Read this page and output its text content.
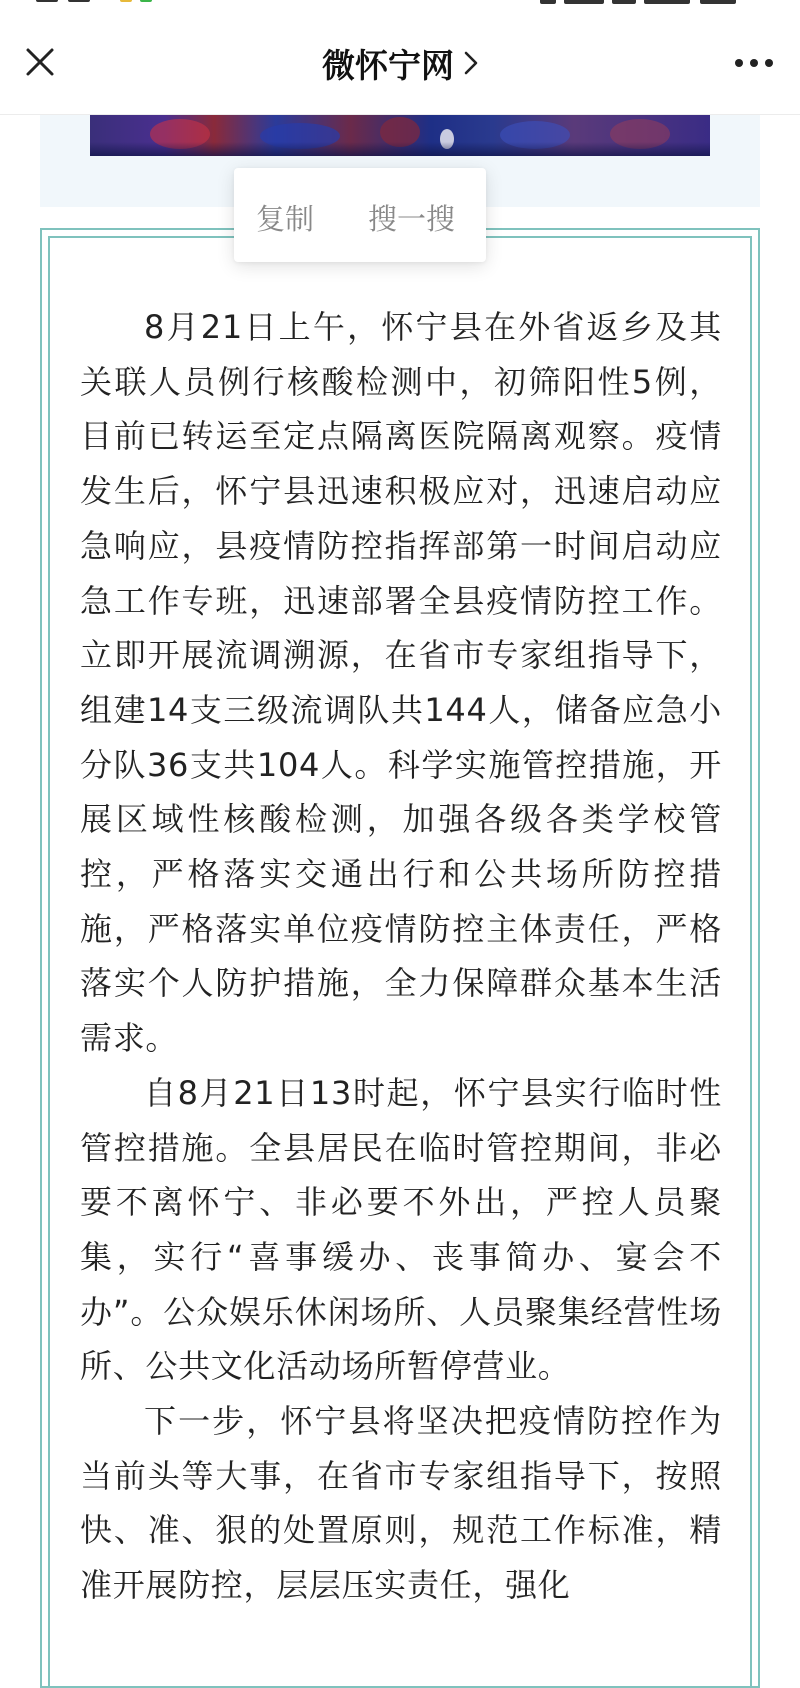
微怀宁网

8月21日上午，怀宁县在外省返乡及其关联人员例行核酸检测中，初筛阳性5例，目前已转运至定点隔离医院隔离观察。疫情发生后，怀宁县迅速积极应对，迅速启动应急响应，县疫情防控指挥部第一时间启动应急工作专班，迅速部署全县疫情防控工作。立即开展流调溯源，在省市专家组指导下，组建14支三级流调队共144人，储备应急小分队36支共104人。科学实施管控措施，开展区域性核酸检测，加强各级各类学校管控，严格落实交通出行和公共场所防控措施，严格落实单位疫情防控主体责任，严格落实个人防护措施，全力保障群众基本生活需求。

自8月21日13时起，怀宁县实行临时性管控措施。全县居民在临时管控期间，非必要不离怀宁、非必要不外出，严控人员聚集，实行“喜事缓办、丧事简办、宴会不办”。公众娱乐休闲场所、人员聚集经营性场所、公共文化活动场所暂停营业。

下一步，怀宁县将坚决把疫情防控作为当前头等大事，在省市专家组指导下，按照快、准、狠的处置原则，规范工作标准，精准开展防控，层层压实责任，强化

复制 搜一搜
